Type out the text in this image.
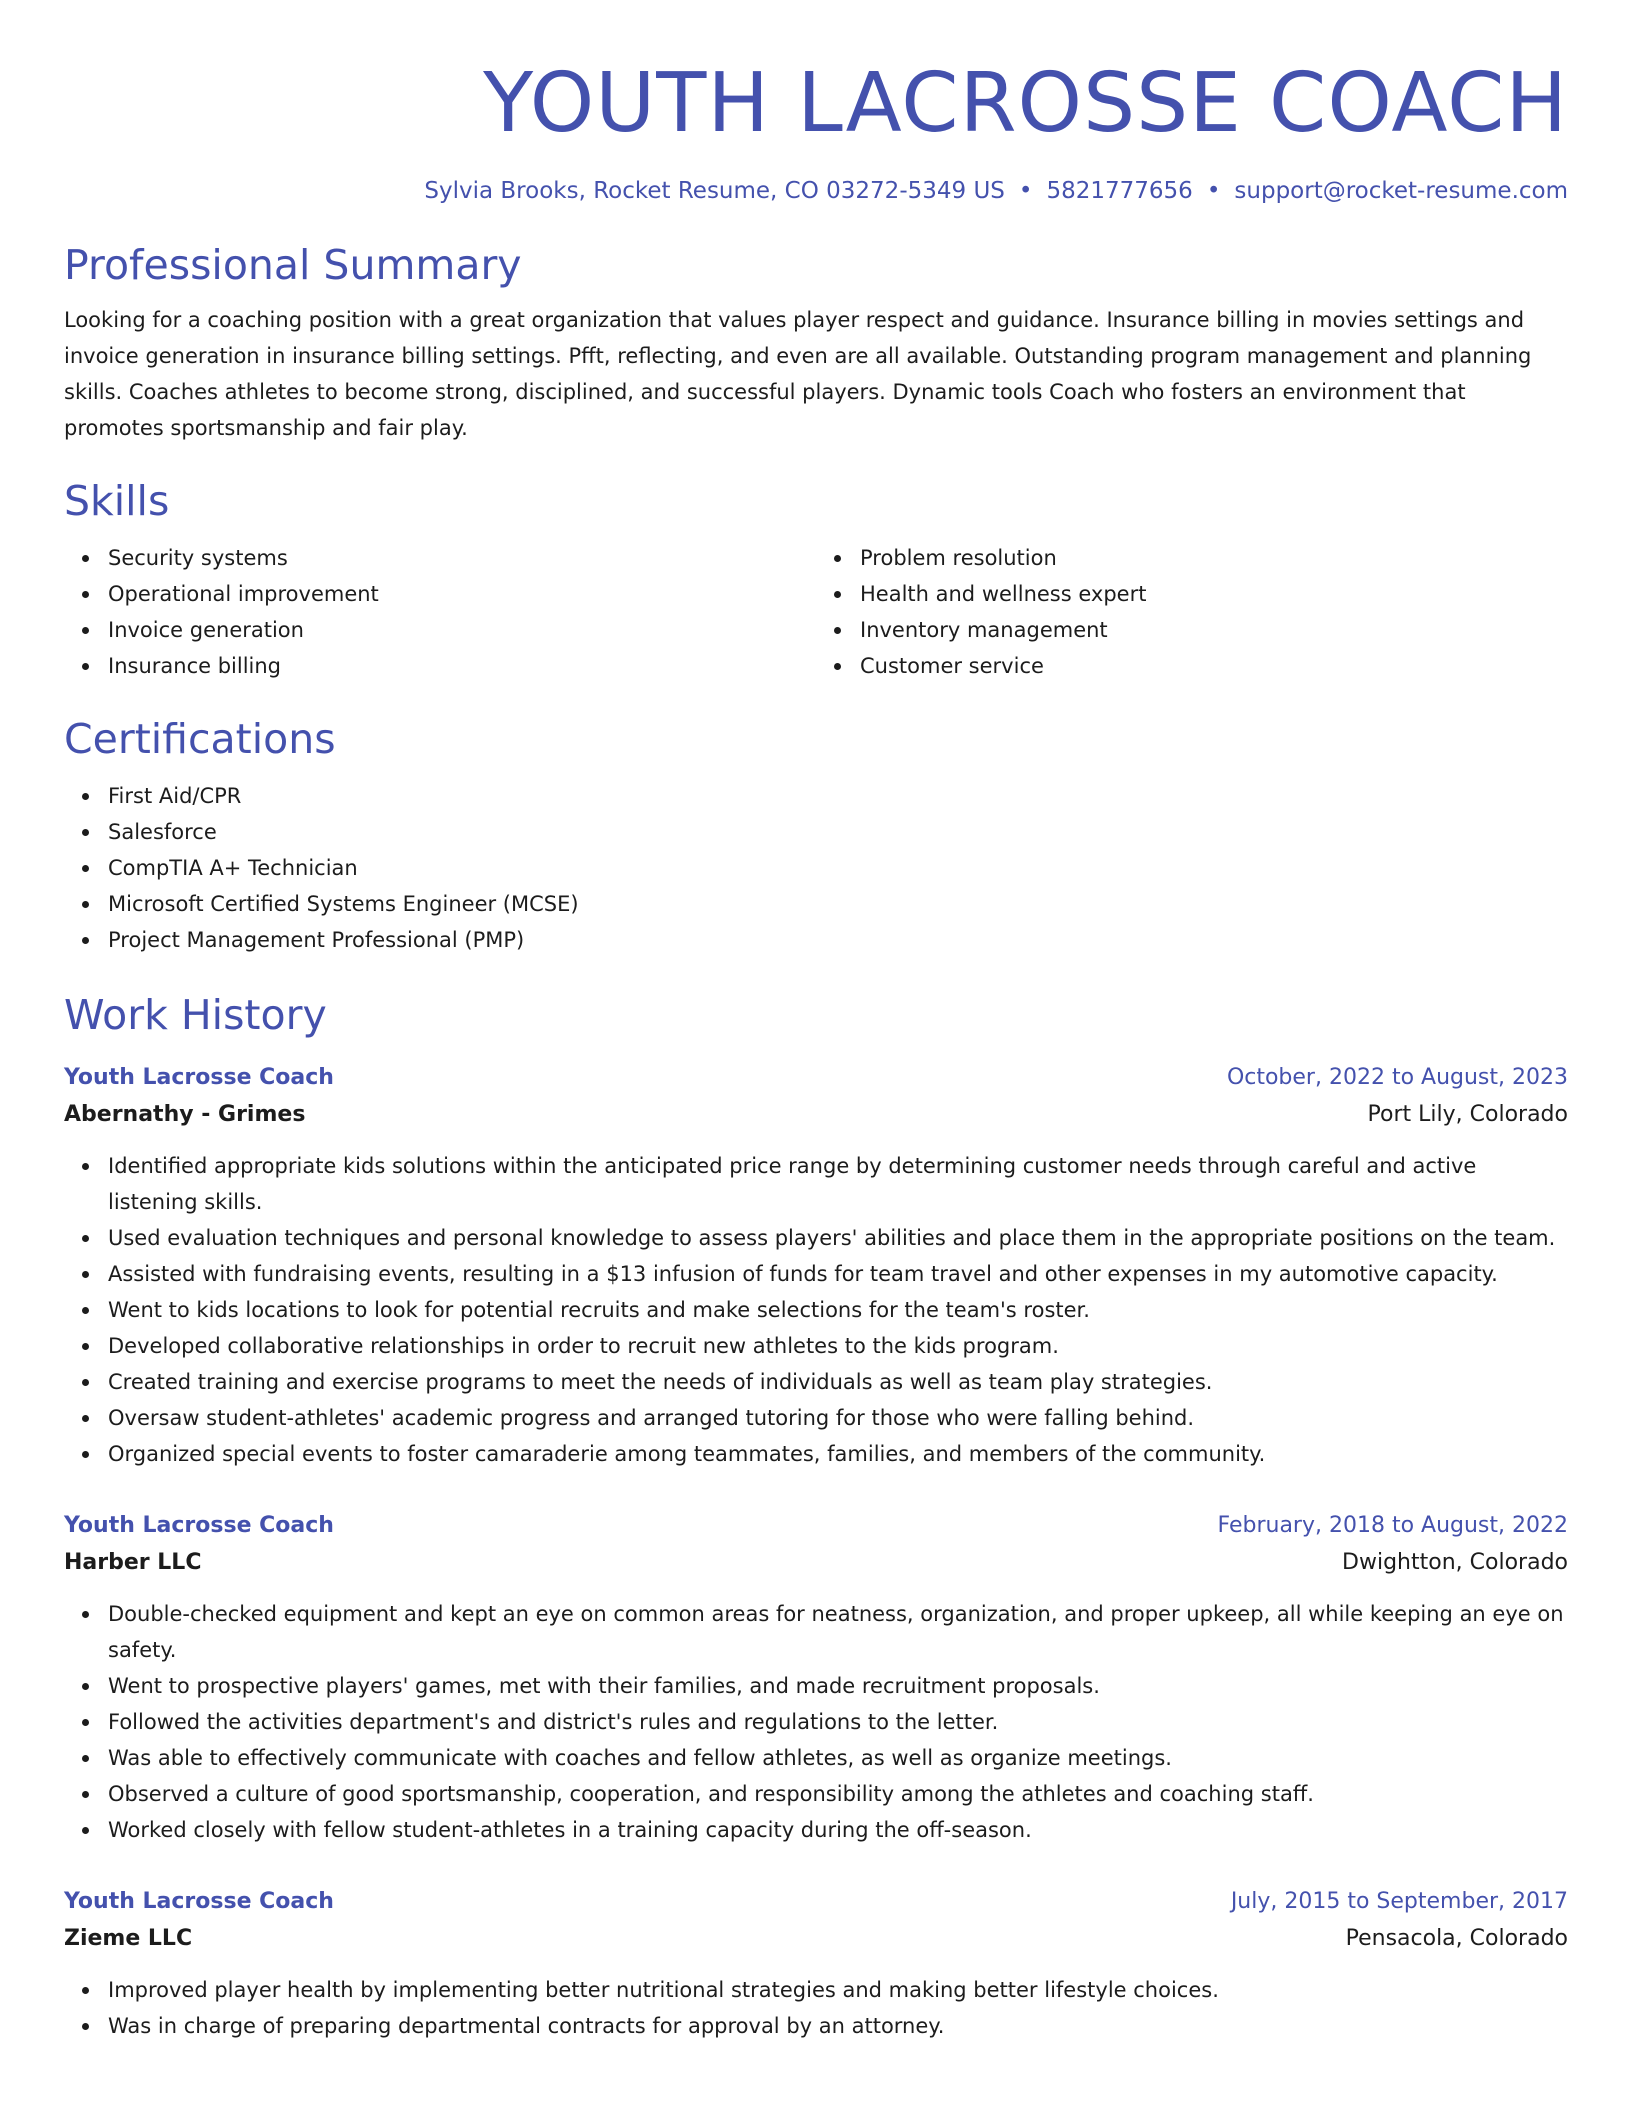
YOUTH LACROSSE COACH
Sylvia Brooks, Rocket Resume, CO 03272-5349 US • 5821777656 • support@rocket-resume.com
Professional Summary

Looking for a coaching position with a great organization that values player respect and guidance. Insurance billing in movies settings and invoice generation in insurance billing settings. Pfft, reflecting, and even are all available. Outstanding program management and planning skills. Coaches athletes to become strong, disciplined, and successful players. Dynamic tools Coach who fosters an environment that promotes sportsmanship and fair play.

Skills
Security systems
Operational improvement
Invoice generation
Insurance billing
Problem resolution
Health and wellness expert
Inventory management
Customer service
Certifications
First Aid/CPR
Salesforce
CompTIA A+ Technician
Microsoft Certified Systems Engineer (MCSE)
Project Management Professional (PMP)
Work History
Youth Lacrosse Coach	October, 2022 to August, 2023
Abernathy - Grimes	Port Lily, Colorado
Identified appropriate kids solutions within the anticipated price range by determining customer needs through careful and active listening skills.
Used evaluation techniques and personal knowledge to assess players' abilities and place them in the appropriate positions on the team.
Assisted with fundraising events, resulting in a $13 infusion of funds for team travel and other expenses in my automotive capacity.
Went to kids locations to look for potential recruits and make selections for the team's roster.
Developed collaborative relationships in order to recruit new athletes to the kids program.
Created training and exercise programs to meet the needs of individuals as well as team play strategies.
Oversaw student-athletes' academic progress and arranged tutoring for those who were falling behind.
Organized special events to foster camaraderie among teammates, families, and members of the community.
Youth Lacrosse Coach	February, 2018 to August, 2022
Harber LLC	Dwightton, Colorado
Double-checked equipment and kept an eye on common areas for neatness, organization, and proper upkeep, all while keeping an eye on safety.
Went to prospective players' games, met with their families, and made recruitment proposals.
Followed the activities department's and district's rules and regulations to the letter.
Was able to effectively communicate with coaches and fellow athletes, as well as organize meetings.
Observed a culture of good sportsmanship, cooperation, and responsibility among the athletes and coaching staff.
Worked closely with fellow student-athletes in a training capacity during the off-season.
Youth Lacrosse Coach	July, 2015 to September, 2017
Zieme LLC	Pensacola, Colorado
Improved player health by implementing better nutritional strategies and making better lifestyle choices.
Was in charge of preparing departmental contracts for approval by an attorney.
